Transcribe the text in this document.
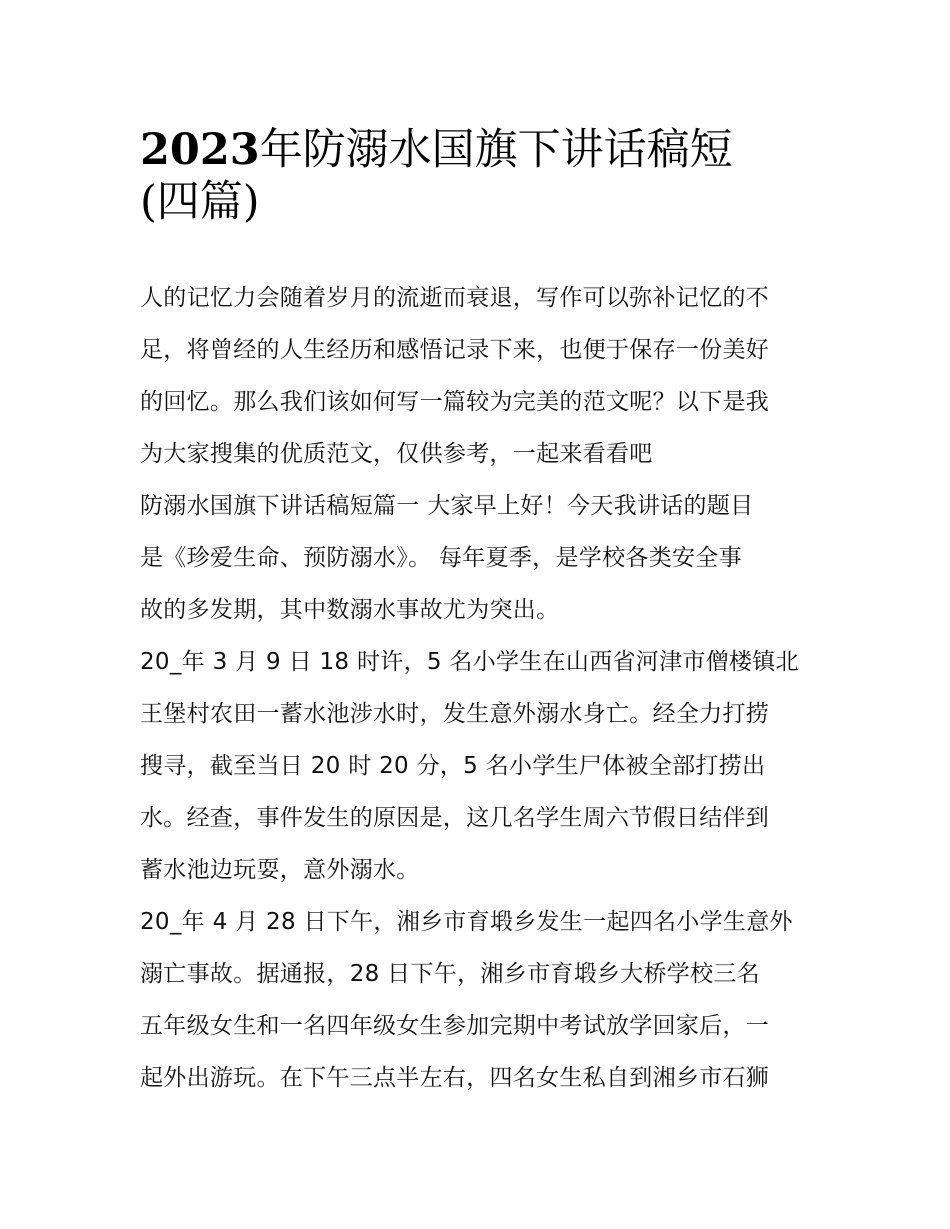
2023年防溺水国旗下讲话稿短
(四篇)
人的记忆力会随着岁月的流逝而衰退，写作可以弥补记忆的不
足，将曾经的人生经历和感悟记录下来，也便于保存一份美好
的回忆。那么我们该如何写一篇较为完美的范文呢？以下是我
为大家搜集的优质范文，仅供参考，一起来看看吧
防溺水国旗下讲话稿短篇一 大家早上好！今天我讲话的题目
是《珍爱生命、预防溺水》。 每年夏季，是学校各类安全事
故的多发期，其中数溺水事故尤为突出。
20_年 3 月 9 日 18 时许，5 名小学生在山西省河津市僧楼镇北
王堡村农田一蓄水池涉水时，发生意外溺水身亡。经全力打捞
搜寻，截至当日 20 时 20 分，5 名小学生尸体被全部打捞出
水。经查，事件发生的原因是，这几名学生周六节假日结伴到
蓄水池边玩耍，意外溺水。
20_年 4 月 28 日下午，湘乡市育塅乡发生一起四名小学生意外
溺亡事故。据通报，28 日下午，湘乡市育塅乡大桥学校三名
五年级女生和一名四年级女生参加完期中考试放学回家后，一
起外出游玩。在下午三点半左右，四名女生私自到湘乡市石狮
